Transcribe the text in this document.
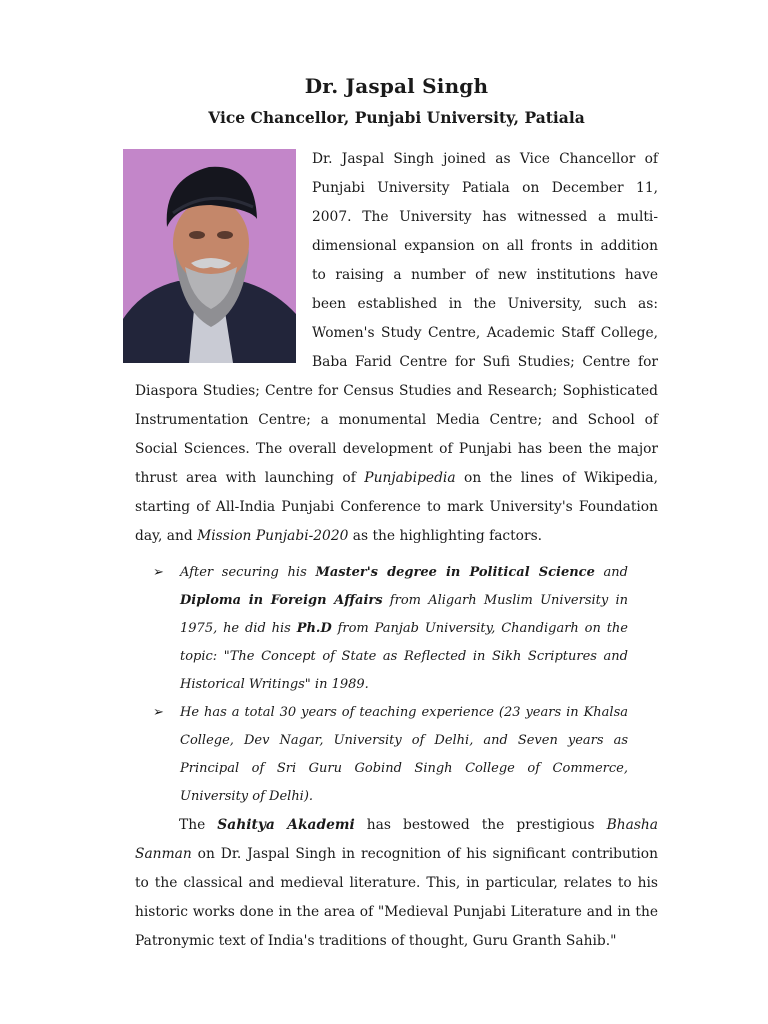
Dr. Jaspal Singh
Vice Chancellor, Punjabi University, Patiala

Dr. Jaspal Singh joined as Vice Chancellor of Punjabi University Patiala on December 11, 2007. The University has witnessed a multi-dimensional expansion on all fronts in addition to raising a number of new institutions have been established in the University, such as: Women's Study Centre, Academic Staff College, Baba Farid Centre for Sufi Studies; Centre for Diaspora Studies; Centre for Census Studies and Research; Sophisticated Instrumentation Centre; a monumental Media Centre; and School of Social Sciences. The overall development of Punjabi has been the major thrust area with launching of Punjabipedia on the lines of Wikipedia, starting of All-India Punjabi Conference to mark University's Foundation day, and Mission Punjabi-2020 as the highlighting factors.

➢ After securing his Master's degree in Political Science and Diploma in Foreign Affairs from Aligarh Muslim University in 1975, he did his Ph.D from Panjab University, Chandigarh on the topic: "The Concept of State as Reflected in Sikh Scriptures and Historical Writings" in 1989.
➢ He has a total 30 years of teaching experience (23 years in Khalsa College, Dev Nagar, University of Delhi, and Seven years as Principal of Sri Guru Gobind Singh College of Commerce, University of Delhi).

The Sahitya Akademi has bestowed the prestigious Bhasha Sanman on Dr. Jaspal Singh in recognition of his significant contribution to the classical and medieval literature. This, in particular, relates to his historic works done in the area of "Medieval Punjabi Literature and in the Patronymic text of India's traditions of thought, Guru Granth Sahib."
